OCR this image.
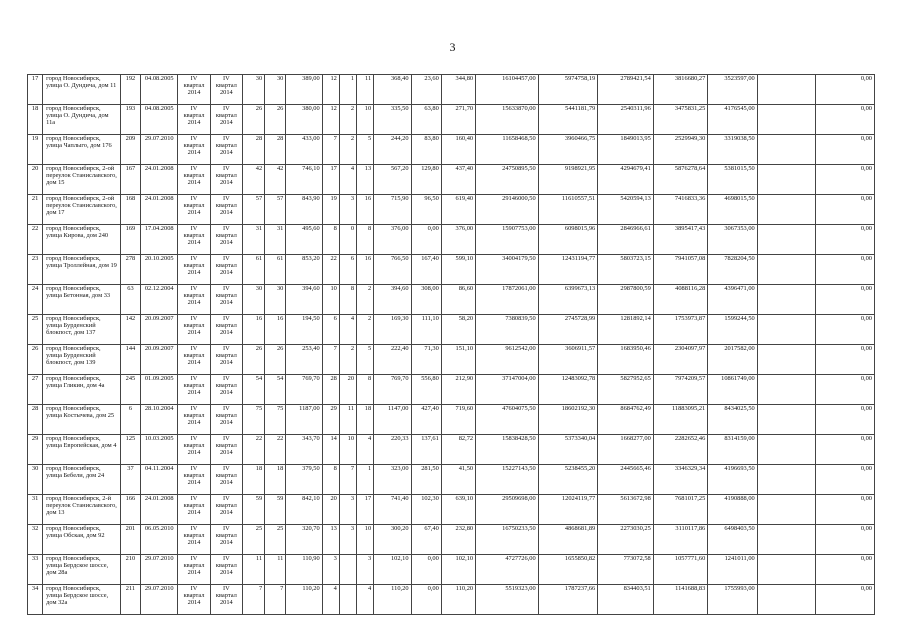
3
17	город Новосибирск, улица О. Дундича, дом 11	192	04.08.2005	IV квартал 2014	IV квартал 2014	30	30	389,00	12	1	11	368,40	23,60	344,80	16104457,00	5974758,19	2789421,54	3816680,27	3523597,00		0,00
18	город Новосибирск, улица О. Дундича, дом 11а	193	04.08.2005	IV квартал 2014	IV квартал 2014	26	26	380,00	12	2	10	335,50	63,80	271,70	15633870,00	5441181,79	2540311,96	3475831,25	4176545,00		0,00
19	город Новосибирск, улица Чаплыго, дом 176	209	29.07.2010	IV квартал 2014	IV квартал 2014	28	28	433,00	7	2	5	244,20	83,80	160,40	11658468,50	3960466,75	1849013,95	2529949,30	3319038,50		0,00
20	город Новосибирск, 2-ой переулок Станиславского, дом 15	167	24.01.2008	IV квартал 2014	IV квартал 2014	42	42	746,10	17	4	13	567,20	129,80	437,40	24750895,50	9198921,95	4294679,41	5876278,64	5381015,50		0,00
21	город Новосибирск, 2-ой переулок Станиславского, дом 17	168	24.01.2008	IV квартал 2014	IV квартал 2014	57	57	843,90	19	3	16	715,90	96,50	619,40	29146000,50	11610557,51	5420594,13	7416833,36	4698015,50		0,00
22	город Новосибирск, улица Кирова, дом 240	169	17.04.2008	IV квартал 2014	IV квартал 2014	31	31	495,60	8	0	8	376,00	0,00	376,00	15907753,00	6098015,96	2846966,61	3895417,43	3067353,00		0,00
23	город Новосибирск, улица Троллейная, дом 19	278	20.10.2005	IV квартал 2014	IV квартал 2014	61	61	853,20	22	6	16	766,50	167,40	599,10	34004179,50	12431194,77	5803723,15	7941057,08	7828204,50		0,00
24	город Новосибирск, улица Бетонная, дом 33	63	02.12.2004	IV квартал 2014	IV квартал 2014	30	30	394,60	10	8	2	394,60	308,00	86,60	17872061,00	6399673,13	2987800,59	4088116,28	4396471,00		0,00
25	город Новосибирск, улица Бурденский блокпост, дом 137	142	20.09.2007	IV квартал 2014	IV квартал 2014	16	16	194,50	6	4	2	169,30	111,10	58,20	7380839,50	2745728,99	1281892,14	1753973,87	1599244,50		0,00
26	город Новосибирск, улица Бурденский блокпост, дом 139	144	20.09.2007	IV квартал 2014	IV квартал 2014	26	26	253,40	7	2	5	222,40	71,30	151,10	9612542,00	3606911,57	1683950,46	2304097,97	2017582,00		0,00
27	город Новосибирск, улица Гликин, дом 4а	245	01.09.2005	IV квартал 2014	IV квартал 2014	54	54	769,70	28	20	8	769,70	556,80	212,90	37147004,00	12483092,78	5827952,65	7974209,57	10861749,00		0,00
28	город Новосибирск, улица Костычева, дом 25	6	28.10.2004	IV квартал 2014	IV квартал 2014	75	75	1187,00	29	11	18	1147,00	427,40	719,60	47604075,50	18602192,30	8684762,49	11883095,21	8434025,50		0,00
29	город Новосибирск, улица Европейская, дом 4	125	10.03.2005	IV квартал 2014	IV квартал 2014	22	22	343,70	14	10	4	220,33	137,61	82,72	15838428,50	5373340,04	1668277,00	2282652,46	8314159,00		0,00
30	город Новосибирск, улица Бебели, дом 24	37	04.11.2004	IV квартал 2014	IV квартал 2014	18	18	379,50	8	7	1	323,00	281,50	41,50	15227143,50	5238455,20	2445665,46	3346329,34	4196693,50		0,00
31	город Новосибирск, 2-й переулок Станиславского, дом 13	166	24.01.2008	IV квартал 2014	IV квартал 2014	59	59	842,10	20	3	17	741,40	102,30	639,10	29509698,00	12024119,77	5613672,98	7681017,25	4190888,00		0,00
32	город Новосибирск, улица Обская, дом 92	201	06.05.2010	IV квартал 2014	IV квартал 2014	25	25	320,70	13	3	10	300,20	67,40	232,80	16750233,50	4868681,89	2273030,25	3110117,86	6498403,50		0,00
33	город Новосибирск, улица Бердское шоссе, дом 28а	210	29.07.2010	IV квартал 2014	IV квартал 2014	11	11	110,90	3		3	102,10	0,00	102,10	4727726,00	1655850,82	773072,58	1057771,60	1241011,00		0,00
34	город Новосибирск, улица Бердское шоссе, дом 32а	211	29.07.2010	IV квартал 2014	IV квартал 2014	7	7	110,20	4		4	110,20	0,00	110,20	5519323,00	1787237,66	834403,51	1141688,83	1755993,00		0,00
